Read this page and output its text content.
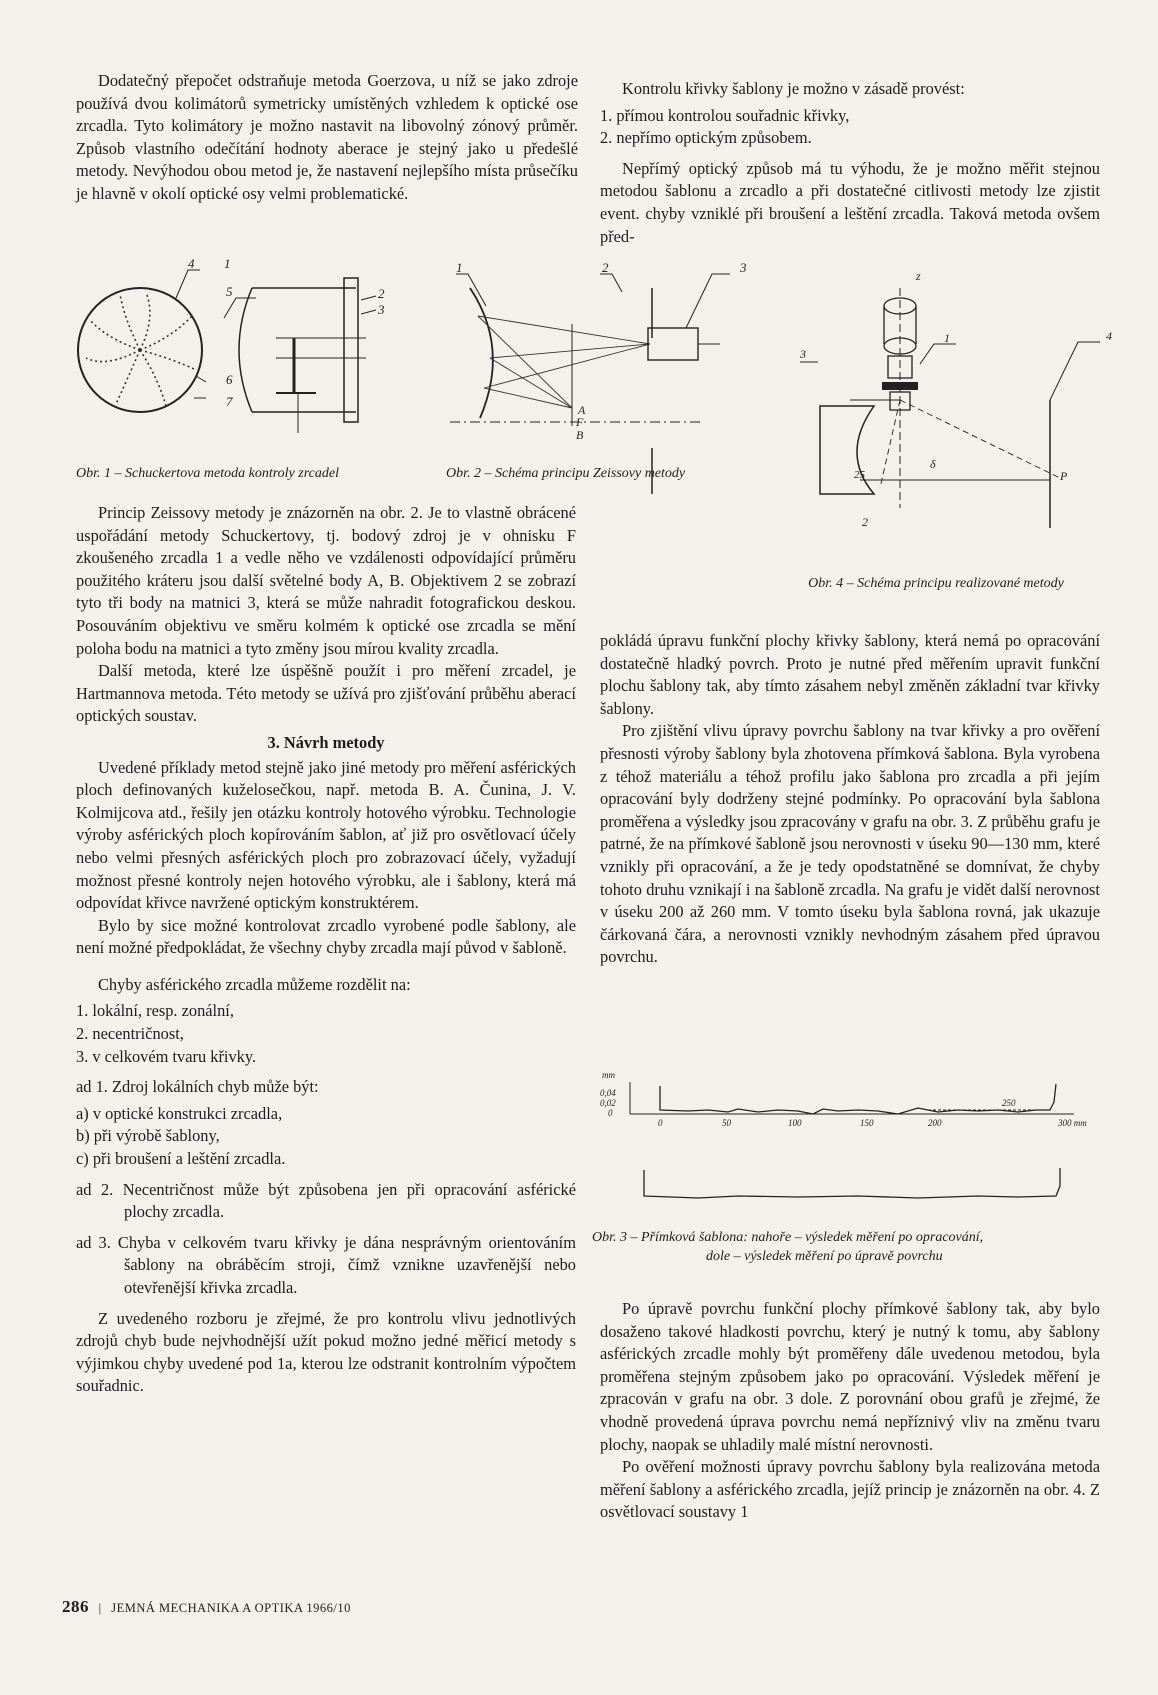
Dodatečný přepočet odstraňuje metoda Goerzova, u níž se jako zdroje používá dvou kolimátorů symetricky umístěných vzhledem k optické ose zrcadla. Tyto kolimátory je možno nastavit na libovolný zónový průměr. Způsob vlastního odečítání hodnoty aberace je stejný jako u předešlé metody. Nevýhodou obou metod je, že nastavení nejlepšího místa průsečíku je hlavně v okolí optické osy velmi problematické.

Kontrolu křivky šablony je možno v zásadě provést:

1. přímou kontrolou souřadnic křivky,

2. nepřímo optickým způsobem.

Nepřímý optický způsob má tu výhodu, že je možno měřit stejnou metodou šablonu a zrcadlo a při dostatečné citlivosti metody lze zjistit event. chyby vzniklé při broušení a leštění zrcadla. Taková metoda ovšem před-

4 1
5	2
3
6
7
Obr. 1 – Schuckertova metoda kontroly zrcadel
1
A
F
B
Obr. 2 – Schéma principu Zeissovy metody
2	3
z
3
1	4
25
δ
P
2
Obr. 4 – Schéma principu realizované metody

Princip Zeissovy metody je znázorněn na obr. 2. Je to vlastně obrácené uspořádání metody Schuckertovy, tj. bodový zdroj je v ohnisku F zkoušeného zrcadla 1 a vedle něho ve vzdálenosti odpovídající průměru použitého kráteru jsou další světelné body A, B. Objektivem 2 se zobrazí tyto tři body na matnici 3, která se může nahradit fotografickou deskou. Posouváním objektivu ve směru kolmém k optické ose zrcadla se mění poloha bodu na matnici a tyto změny jsou mírou kvality zrcadla.

Další metoda, které lze úspěšně použít i pro měření zrcadel, je Hartmannova metoda. Této metody se užívá pro zjišťování průběhu aberací optických soustav.

3. Návrh metody

Uvedené příklady metod stejně jako jiné metody pro měření asférických ploch definovaných kuželosečkou, např. metoda B. A. Čunina, J. V. Kolmijcova atd., řešily jen otázku kontroly hotového výrobku. Technologie výroby asférických ploch kopírováním šablon, ať již pro osvětlovací účely nebo velmi přesných asférických ploch pro zobrazovací účely, vyžadují možnost přesné kontroly nejen hotového výrobku, ale i šablony, která má odpovídat křivce navržené optickým konstruktérem.

Bylo by sice možné kontrolovat zrcadlo vyrobené podle šablony, ale není možné předpokládat, že všechny chyby zrcadla mají původ v šabloně.

Chyby asférického zrcadla můžeme rozdělit na:

1. lokální, resp. zonální,

2. necentričnost,

3. v celkovém tvaru křivky.

ad 1. Zdroj lokálních chyb může být:

a) v optické konstrukci zrcadla,

b) při výrobě šablony,

c) při broušení a leštění zrcadla.

ad 2. Necentričnost může být způsobena jen při opracování asférické plochy zrcadla.

ad 3. Chyba v celkovém tvaru křivky je dána nesprávným orientováním šablony na obráběcím stroji, čímž vznikne uzavřenější nebo otevřenější křivka zrcadla.

Z uvedeného rozboru je zřejmé, že pro kontrolu vlivu jednotlivých zdrojů chyb bude nejvhodnější užít pokud možno jedné měřicí metody s výjimkou chyby uvedené pod 1a, kterou lze odstranit kontrolním výpočtem souřadnic.

pokládá úpravu funkční plochy křivky šablony, která nemá po opracování dostatečně hladký povrch. Proto je nutné před měřením upravit funkční plochu šablony tak, aby tímto zásahem nebyl změněn základní tvar křivky šablony.

Pro zjištění vlivu úpravy povrchu šablony na tvar křivky a pro ověření přesnosti výroby šablony byla zhotovena přímková šablona. Byla vyrobena z téhož materiálu a téhož profilu jako šablona pro zrcadla a při jejím opracování byly dodrženy stejné podmínky. Po opracování byla šablona proměřena a výsledky jsou zpracovány v grafu na obr. 3. Z průběhu grafu je patrné, že na přímkové šabloně jsou nerovnosti v úseku 90—130 mm, které vznikly při opracování, a že je tedy opodstatněné se domnívat, že chyby tohoto druhu vznikají i na šabloně zrcadla. Na grafu je vidět další nerovnost v úseku 200 až 260 mm. V tomto úseku byla šablona rovná, jak ukazuje čárkovaná čára, a nerovnosti vznikly nevhodným zásahem před úpravou povrchu.

mm
0,04
0,02
0
0	50	100	150	200	300 mm
250
Obr. 3 – Přímková šablona: nahoře – výsledek měření po opracování,
dole – výsledek měření po úpravě povrchu

Po úpravě povrchu funkční plochy přímkové šablony tak, aby bylo dosaženo takové hladkosti povrchu, který je nutný k tomu, aby šablony asférických zrcadle mohly být proměřeny dále uvedenou metodou, byla proměřena stejným způsobem jako po opracování. Výsledek měření je zpracován v grafu na obr. 3 dole. Z porovnání obou grafů je zřejmé, že vhodně provedená úprava povrchu nemá nepříznivý vliv na změnu tvaru plochy, naopak se uhladily malé místní nerovnosti.

Po ověření možnosti úpravy povrchu šablony byla realizována metoda měření šablony a asférického zrcadla, jejíž princip je znázorněn na obr. 4. Z osvětlovací soustavy 1

286 | JEMNÁ MECHANIKA A OPTIKA 1966/10
